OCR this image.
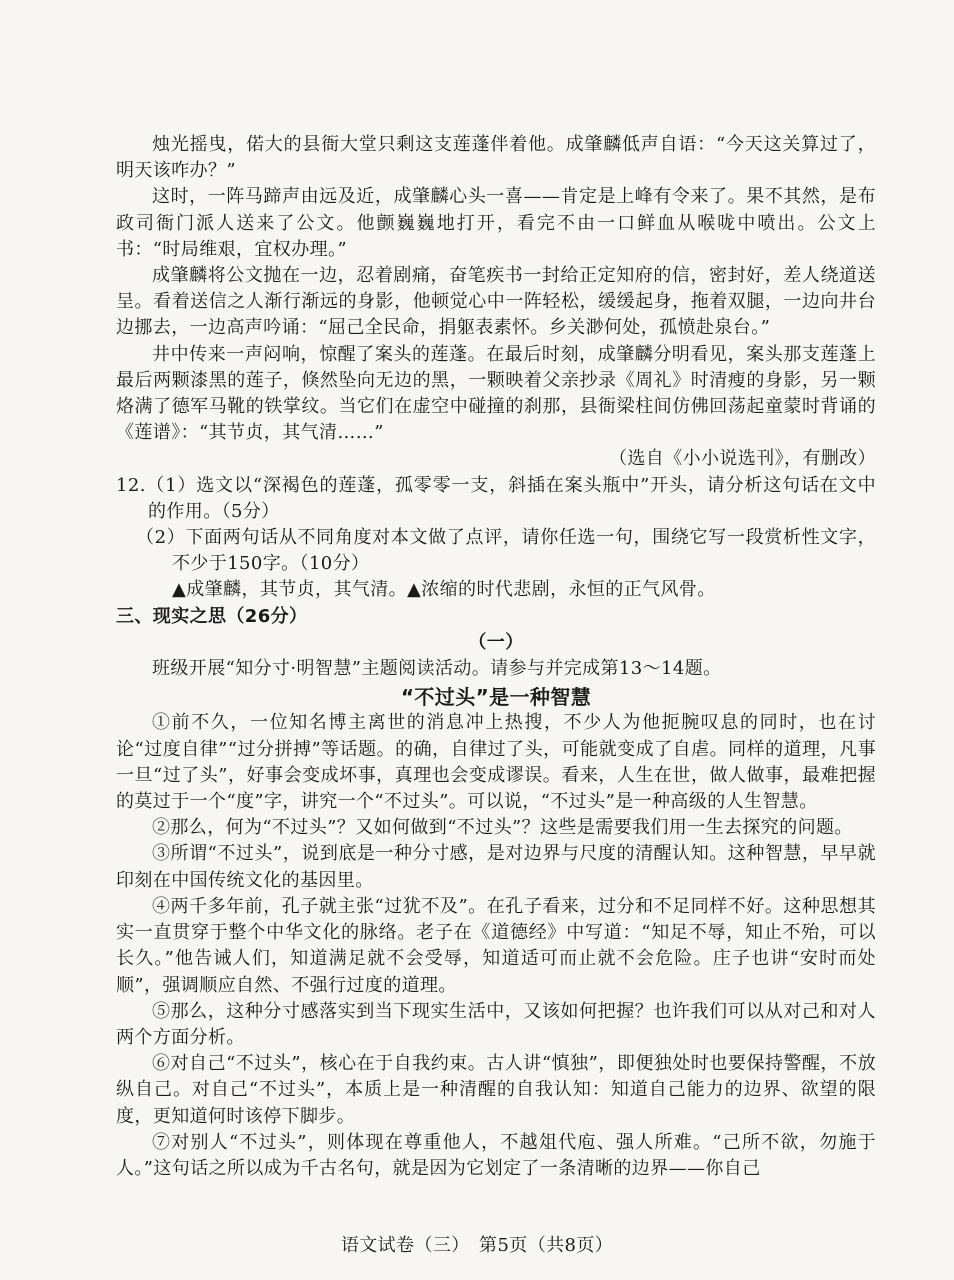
烛光摇曳，偌大的县衙大堂只剩这支莲蓬伴着他。成肇麟低声自语：“今天这关算过了，明天该咋办？”

这时，一阵马蹄声由远及近，成肇麟心头一喜——肯定是上峰有令来了。果不其然，是布政司衙门派人送来了公文。他颤巍巍地打开，看完不由一口鲜血从喉咙中喷出。公文上书：“时局维艰，宜权办理。”

成肇麟将公文抛在一边，忍着剧痛，奋笔疾书一封给正定知府的信，密封好，差人绕道送呈。看着送信之人渐行渐远的身影，他顿觉心中一阵轻松，缓缓起身，拖着双腿，一边向井台边挪去，一边高声吟诵：“屈己全民命，捐躯表素怀。乡关渺何处，孤愤赴泉台。”

井中传来一声闷响，惊醒了案头的莲蓬。在最后时刻，成肇麟分明看见，案头那支莲蓬上最后两颗漆黑的莲子，倏然坠向无边的黑，一颗映着父亲抄录《周礼》时清瘦的身影，另一颗烙满了德军马靴的铁掌纹。当它们在虚空中碰撞的刹那，县衙梁柱间仿佛回荡起童蒙时背诵的《莲谱》：“其节贞，其气清……”

（选自《小小说选刊》，有删改）

12.（1）选文以“深褐色的莲蓬，孤零零一支，斜插在案头瓶中”开头，请分析这句话在文中的作用。（5分）

（2）下面两句话从不同角度对本文做了点评，请你任选一句，围绕它写一段赏析性文字，不少于150字。（10分）

▲成肇麟，其节贞，其气清。▲浓缩的时代悲剧，永恒的正气风骨。

三、现实之思（26分）

（一）

班级开展“知分寸·明智慧”主题阅读活动。请参与并完成第13～14题。

“不过头”是一种智慧

①前不久，一位知名博主离世的消息冲上热搜，不少人为他扼腕叹息的同时，也在讨论“过度自律”“过分拼搏”等话题。的确，自律过了头，可能就变成了自虐。同样的道理，凡事一旦“过了头”，好事会变成坏事，真理也会变成谬误。看来，人生在世，做人做事，最难把握的莫过于一个“度”字，讲究一个“不过头”。可以说，“不过头”是一种高级的人生智慧。

②那么，何为“不过头”？又如何做到“不过头”？这些是需要我们用一生去探究的问题。

③所谓“不过头”，说到底是一种分寸感，是对边界与尺度的清醒认知。这种智慧，早早就印刻在中国传统文化的基因里。

④两千多年前，孔子就主张“过犹不及”。在孔子看来，过分和不足同样不好。这种思想其实一直贯穿于整个中华文化的脉络。老子在《道德经》中写道：“知足不辱，知止不殆，可以长久。”他告诫人们，知道满足就不会受辱，知道适可而止就不会危险。庄子也讲“安时而处顺”，强调顺应自然、不强行过度的道理。

⑤那么，这种分寸感落实到当下现实生活中，又该如何把握？也许我们可以从对己和对人两个方面分析。

⑥对自己“不过头”，核心在于自我约束。古人讲“慎独”，即便独处时也要保持警醒，不放纵自己。对自己“不过头”，本质上是一种清醒的自我认知：知道自己能力的边界、欲望的限度，更知道何时该停下脚步。

⑦对别人“不过头”，则体现在尊重他人，不越俎代庖、强人所难。“己所不欲，勿施于人。”这句话之所以成为千古名句，就是因为它划定了一条清晰的边界——你自己

语文试卷（三）　第5页（共8页）
